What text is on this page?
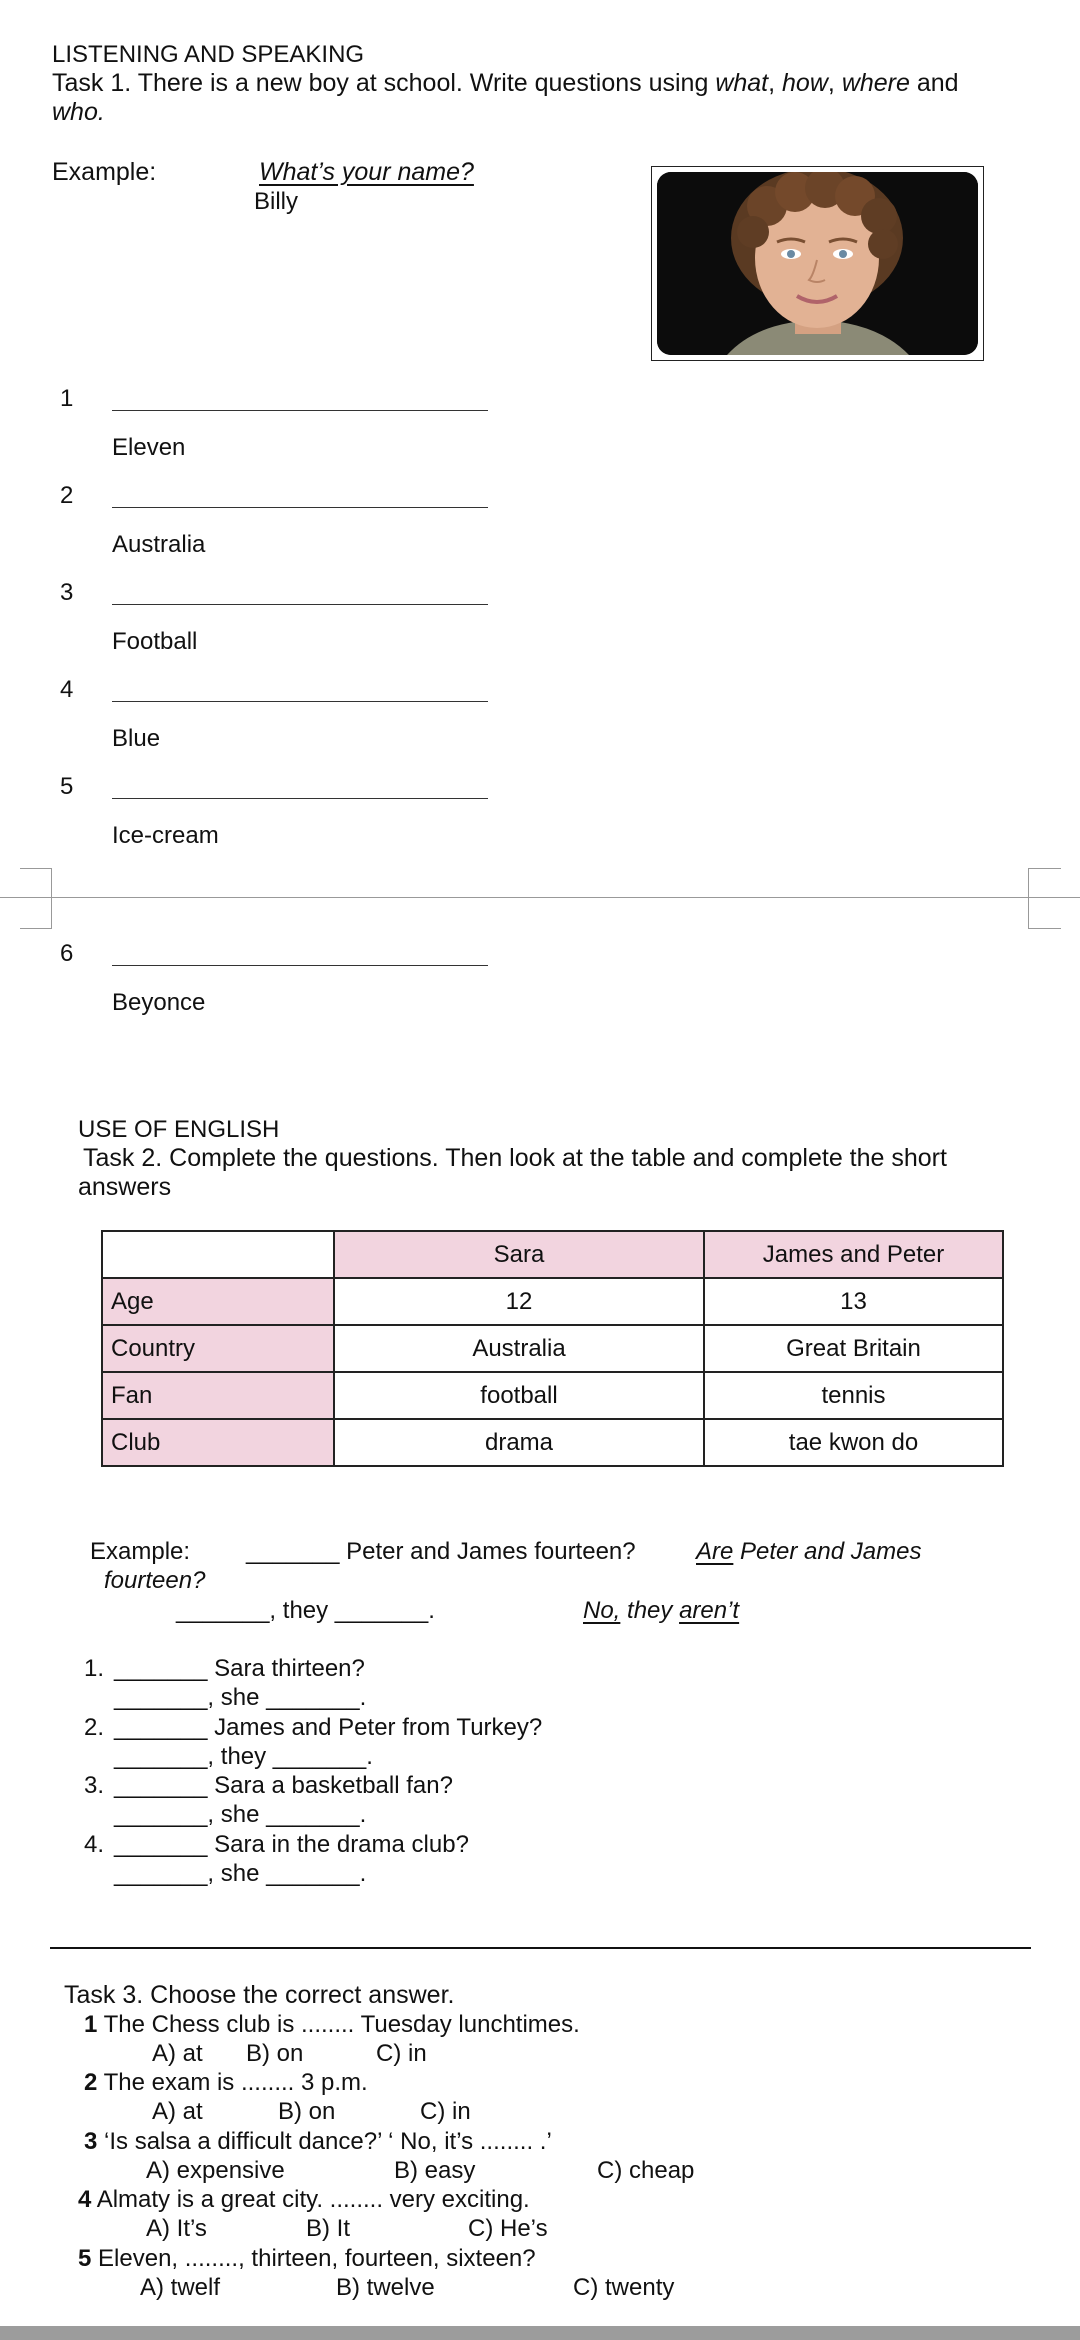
LISTENING AND SPEAKING
Task 1. There is a new boy at school. Write questions using what, how, where and
who.
Example:	What’s your name?
Billy
1
Eleven
2
Australia
3
Football
4
Blue
5
Ice-cream
6
Beyonce
USE OF ENGLISH
Task 2. Complete the questions. Then look at the table and complete the short
answers
	Sara	James and Peter
Age	12	13
Country	Australia	Great Britain
Fan	football	tennis
Club	drama	tae kwon do
Example: _______ Peter and James fourteen?	Are Peter and James
fourteen?
_______, they _______.	No, they aren’t
1. _______ Sara thirteen?
_______, she _______.
2. _______ James and Peter from Turkey?
_______, they _______.
3. _______ Sara a basketball fan?
_______, she _______.
4. _______ Sara in the drama club?
_______, she _______.
Task 3. Choose the correct answer.
1 The Chess club is ........ Tuesday lunchtimes.
A) at B) on	C) in
2 The exam is ........ 3 p.m.
A) at	B) on	C) in
3 ‘Is salsa a difficult dance?’ ‘ No, it’s ........ .’
A) expensive	B) easy	C) cheap
4 Almaty is a great city. ........ very exciting.
A) It’s	B) It	C) He’s
5 Eleven, ........, thirteen, fourteen, sixteen?
A) twelf	B) twelve	C) twenty
